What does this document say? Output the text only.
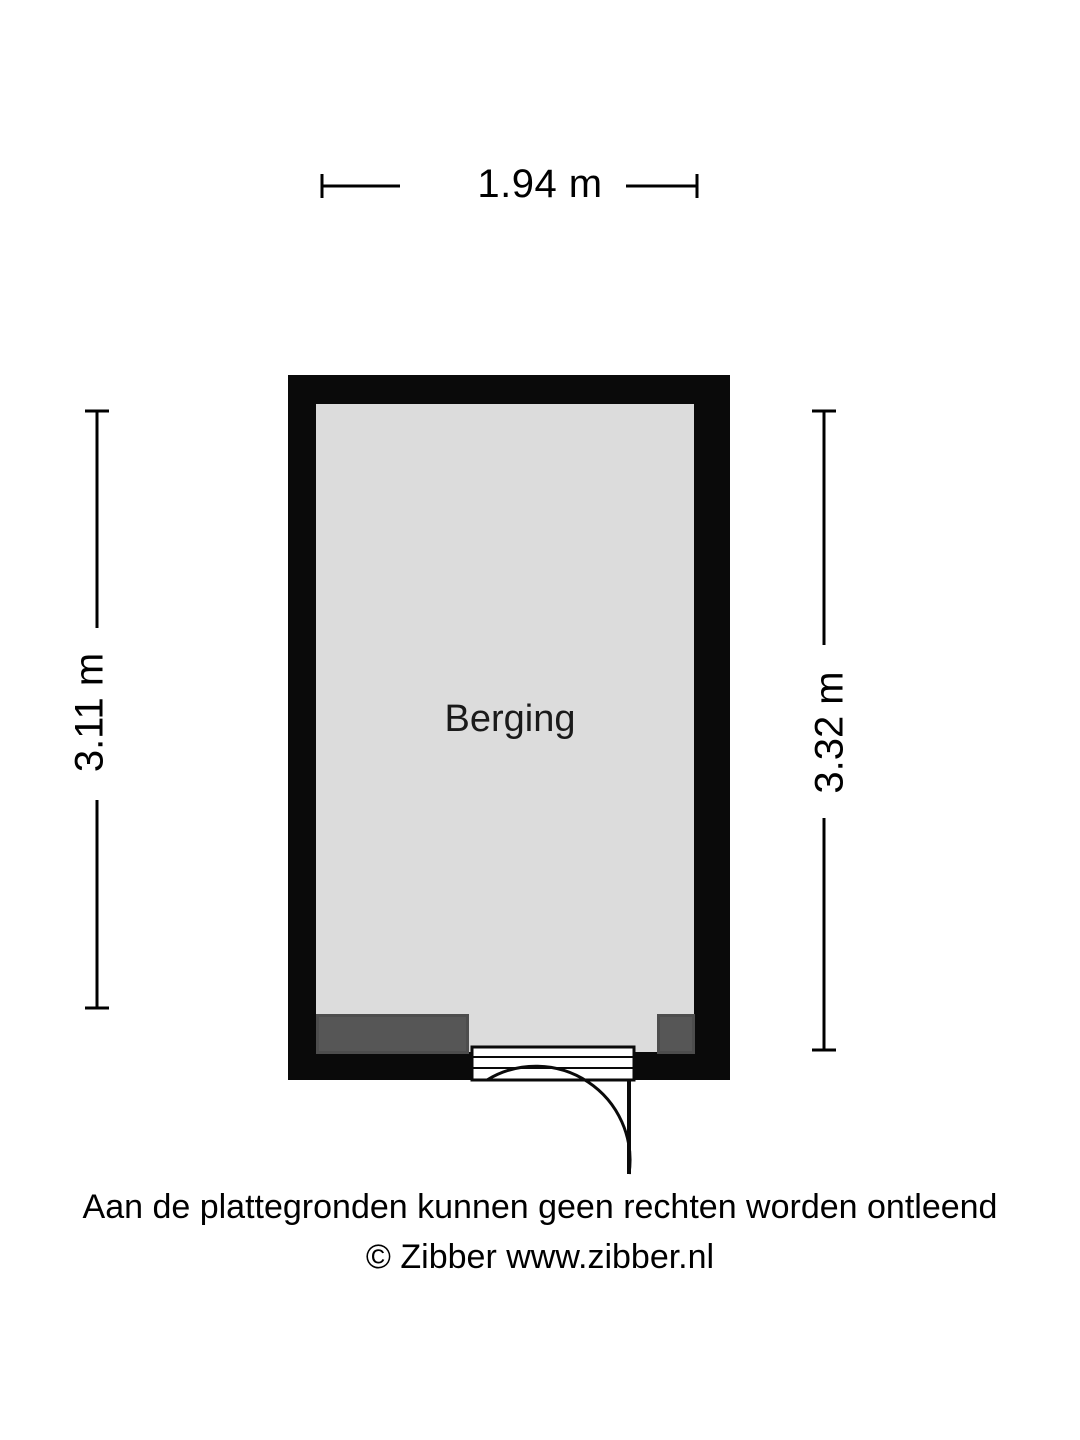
1.94 m
3.11 m	3.32 m
Berging
Aan de plattegronden kunnen geen rechten worden ontleend
© Zibber www.zibber.nl
